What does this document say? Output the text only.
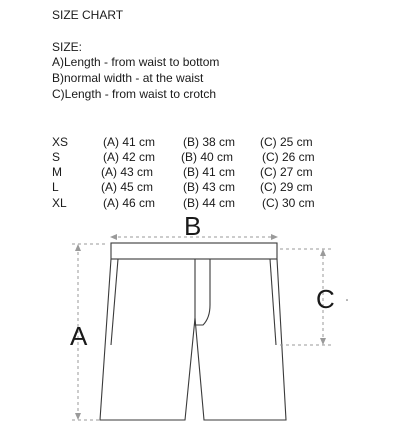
SIZE CHART
SIZE:
A)Length - from waist to bottom
B)normal width - at the waist
C)Length - from waist to crotch
XS	(A) 41 cm (B) 38 cm (C) 25 cm
S	(A) 42 cm (B) 40 cm (C) 26 cm
M	(A) 43 cm (B) 41 cm (C) 27 cm
L	(A) 45 cm (B) 43 cm (C) 29 cm
XL	(A) 46 cm (B) 44 cm (C) 30 cm
A
B
C
